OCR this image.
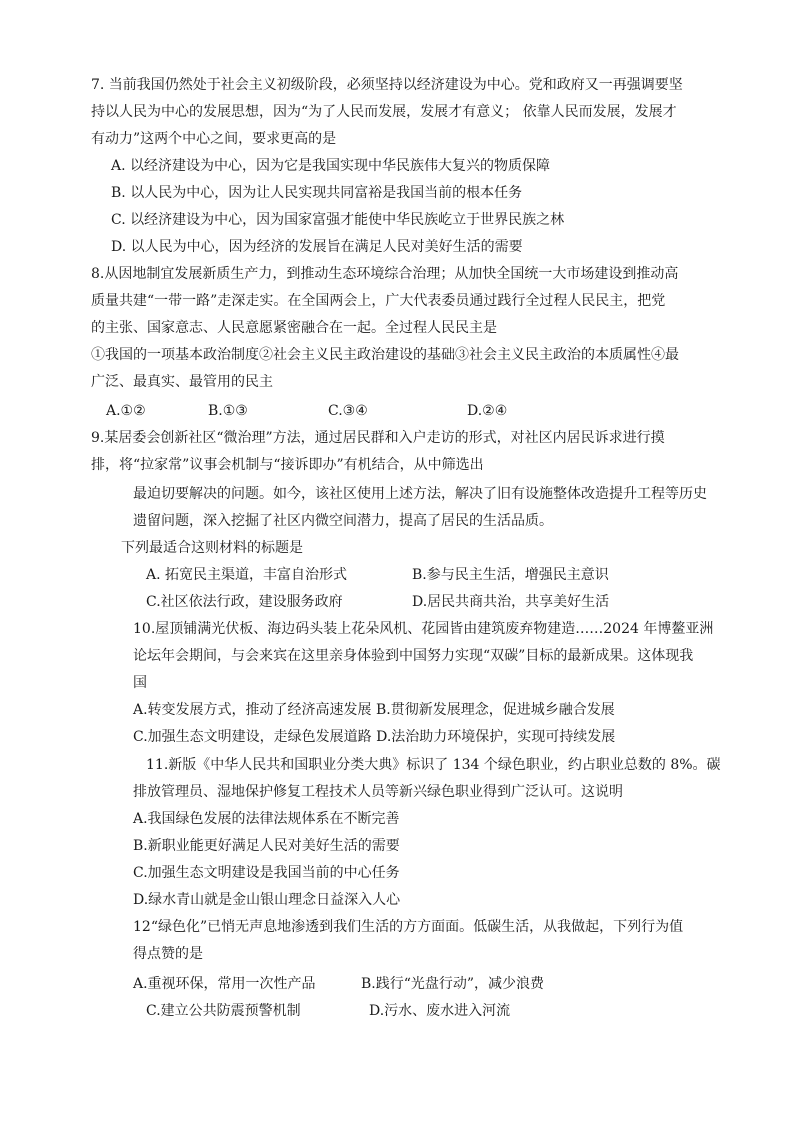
7. 当前我国仍然处于社会主义初级阶段，必须坚持以经济建设为中心。党和政府又一再强调要坚
持以人民为中心的发展思想，因为“为了人民而发展，发展才有意义； 依靠人民而发展，发展才
有动力”这两个中心之间，要求更高的是
A. 以经济建设为中心，因为它是我国实现中华民族伟大复兴的物质保障
B. 以人民为中心，因为让人民实现共同富裕是我国当前的根本任务
C. 以经济建设为中心，因为国家富强才能使中华民族屹立于世界民族之林
D. 以人民为中心，因为经济的发展旨在满足人民对美好生活的需要
8.从因地制宜发展新质生产力，到推动生态环境综合治理；从加快全国统一大市场建设到推动高
质量共建“一带一路”走深走实。在全国两会上，广大代表委员通过践行全过程人民民主，把党
的主张、国家意志、人民意愿紧密融合在一起。全过程人民民主是
①我国的一项基本政治制度②社会主义民主政治建设的基础③社会主义民主政治的本质属性④最
广泛、最真实、最管用的民主
A.①②	B.①③	C.③④	D.②④
9.某居委会创新社区“微治理”方法，通过居民群和入户走访的形式，对社区内居民诉求进行摸
排，将“拉家常”议事会机制与“接诉即办”有机结合，从中筛选出
最迫切要解决的问题。如今，该社区使用上述方法，解决了旧有设施整体改造提升工程等历史
遗留问题，深入挖掘了社区内微空间潜力，提高了居民的生活品质。
下列最适合这则材料的标题是
A. 拓宽民主渠道，丰富自治形式	B.参与民主生活，增强民主意识
C.社区依法行政，建设服务政府	D.居民共商共治，共享美好生活
10.屋顶铺满光伏板、海边码头装上花朵风机、花园皆由建筑废弃物建造……2024 年博鳌亚洲
论坛年会期间，与会来宾在这里亲身体验到中国努力实现“双碳”目标的最新成果。这体现我
国
A.转变发展方式，推动了经济高速发展 B.贯彻新发展理念，促进城乡融合发展
C.加强生态文明建设，走绿色发展道路 D.法治助力环境保护，实现可持续发展
11.新版《中华人民共和国职业分类大典》标识了 134 个绿色职业，约占职业总数的 8%。碳
排放管理员、湿地保护修复工程技术人员等新兴绿色职业得到广泛认可。这说明
A.我国绿色发展的法律法规体系在不断完善
B.新职业能更好满足人民对美好生活的需要
C.加强生态文明建设是我国当前的中心任务
D.绿水青山就是金山银山理念日益深入人心
12“绿色化”已悄无声息地渗透到我们生活的方方面面。低碳生活，从我做起，下列行为值
得点赞的是
A.重视环保，常用一次性产品	B.践行“光盘行动”，减少浪费
C.建立公共防震预警机制	D.污水、废水进入河流
